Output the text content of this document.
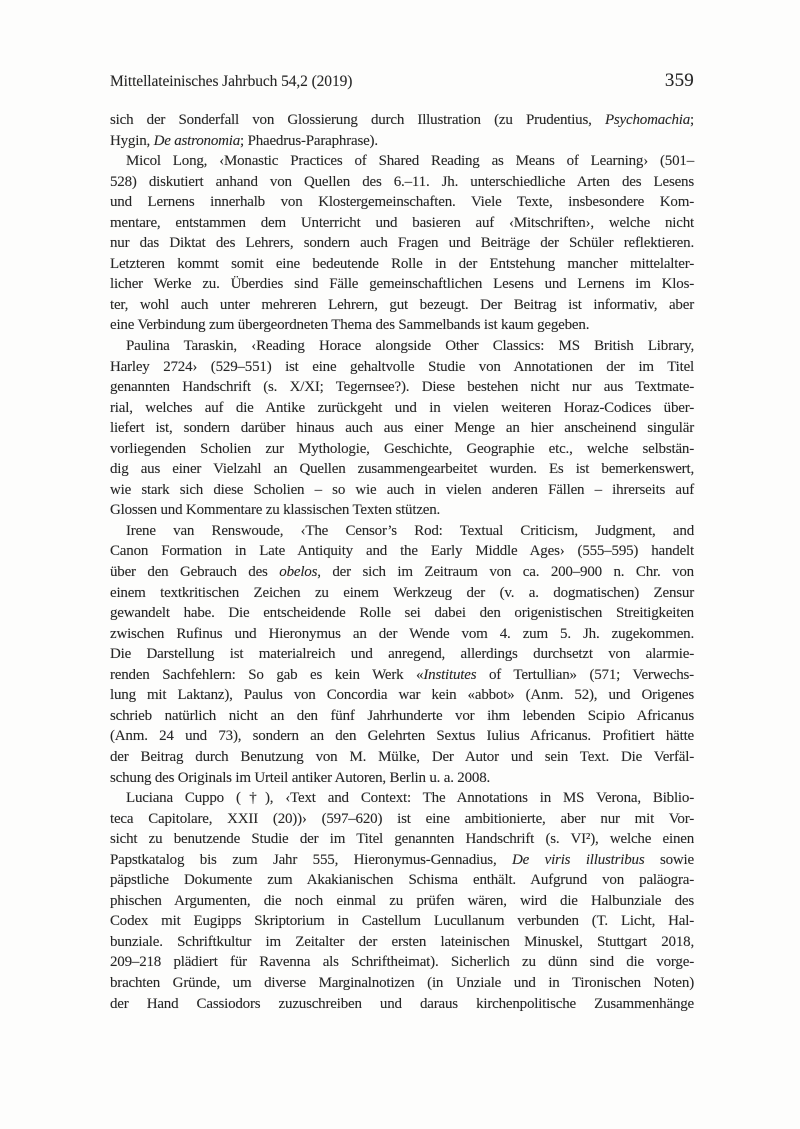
Mittellateinisches Jahrbuch 54,2 (2019)	359
sich der Sonderfall von Glossierung durch Illustration (zu Prudentius, Psychomachia;
Hygin, De astronomia; Phaedrus-Paraphrase).
Micol Long, ‹Monastic Practices of Shared Reading as Means of Learning› (501–
528) diskutiert anhand von Quellen des 6.–11. Jh. unterschiedliche Arten des Lesens
und Lernens innerhalb von Klostergemeinschaften. Viele Texte, insbesondere Kom-
mentare, entstammen dem Unterricht und basieren auf ‹Mitschriften›, welche nicht
nur das Diktat des Lehrers, sondern auch Fragen und Beiträge der Schüler reflektieren.
Letzteren kommt somit eine bedeutende Rolle in der Entstehung mancher mittelalter-
licher Werke zu. Überdies sind Fälle gemeinschaftlichen Lesens und Lernens im Klos-
ter, wohl auch unter mehreren Lehrern, gut bezeugt. Der Beitrag ist informativ, aber
eine Verbindung zum übergeordneten Thema des Sammelbands ist kaum gegeben.
Paulina Taraskin, ‹Reading Horace alongside Other Classics: MS British Library,
Harley 2724› (529–551) ist eine gehaltvolle Studie von Annotationen der im Titel
genannten Handschrift (s. X/XI; Tegernsee?). Diese bestehen nicht nur aus Textmate-
rial, welches auf die Antike zurückgeht und in vielen weiteren Horaz-Codices über-
liefert ist, sondern darüber hinaus auch aus einer Menge an hier anscheinend singulär
vorliegenden Scholien zur Mythologie, Geschichte, Geographie etc., welche selbstän-
dig aus einer Vielzahl an Quellen zusammengearbeitet wurden. Es ist bemerkenswert,
wie stark sich diese Scholien – so wie auch in vielen anderen Fällen – ihrerseits auf
Glossen und Kommentare zu klassischen Texten stützen.
Irene van Renswoude, ‹The Censor’s Rod: Textual Criticism, Judgment, and
Canon Formation in Late Antiquity and the Early Middle Ages› (555–595) handelt
über den Gebrauch des obelos, der sich im Zeitraum von ca. 200–900 n. Chr. von
einem textkritischen Zeichen zu einem Werkzeug der (v. a. dogmatischen) Zensur
gewandelt habe. Die entscheidende Rolle sei dabei den origenistischen Streitigkeiten
zwischen Rufinus und Hieronymus an der Wende vom 4. zum 5. Jh. zugekommen.
Die Darstellung ist materialreich und anregend, allerdings durchsetzt von alarmie-
renden Sachfehlern: So gab es kein Werk «Institutes of Tertullian» (571; Verwechs-
lung mit Laktanz), Paulus von Concordia war kein «abbot» (Anm. 52), und Origenes
schrieb natürlich nicht an den fünf Jahrhunderte vor ihm lebenden Scipio Africanus
(Anm. 24 und 73), sondern an den Gelehrten Sextus Iulius Africanus. Profitiert hätte
der Beitrag durch Benutzung von M. Mülke, Der Autor und sein Text. Die Verfäl-
schung des Originals im Urteil antiker Autoren, Berlin u. a. 2008.
Luciana Cuppo (†), ‹Text and Context: The Annotations in MS Verona, Biblio-
teca Capitolare, XXII (20))› (597–620) ist eine ambitionierte, aber nur mit Vor-
sicht zu benutzende Studie der im Titel genannten Handschrift (s. VI²), welche einen
Papstkatalog bis zum Jahr 555, Hieronymus-Gennadius, De viris illustribus sowie
päpstliche Dokumente zum Akakianischen Schisma enthält. Aufgrund von paläogra-
phischen Argumenten, die noch einmal zu prüfen wären, wird die Halbunziale des
Codex mit Eugipps Skriptorium in Castellum Lucullanum verbunden (T. Licht, Hal-
bunziale. Schriftkultur im Zeitalter der ersten lateinischen Minuskel, Stuttgart 2018,
209–218 plädiert für Ravenna als Schriftheimat). Sicherlich zu dünn sind die vorge-
brachten Gründe, um diverse Marginalnotizen (in Unziale und in Tironischen Noten)
der Hand Cassiodors zuzuschreiben und daraus kirchenpolitische Zusammenhänge
